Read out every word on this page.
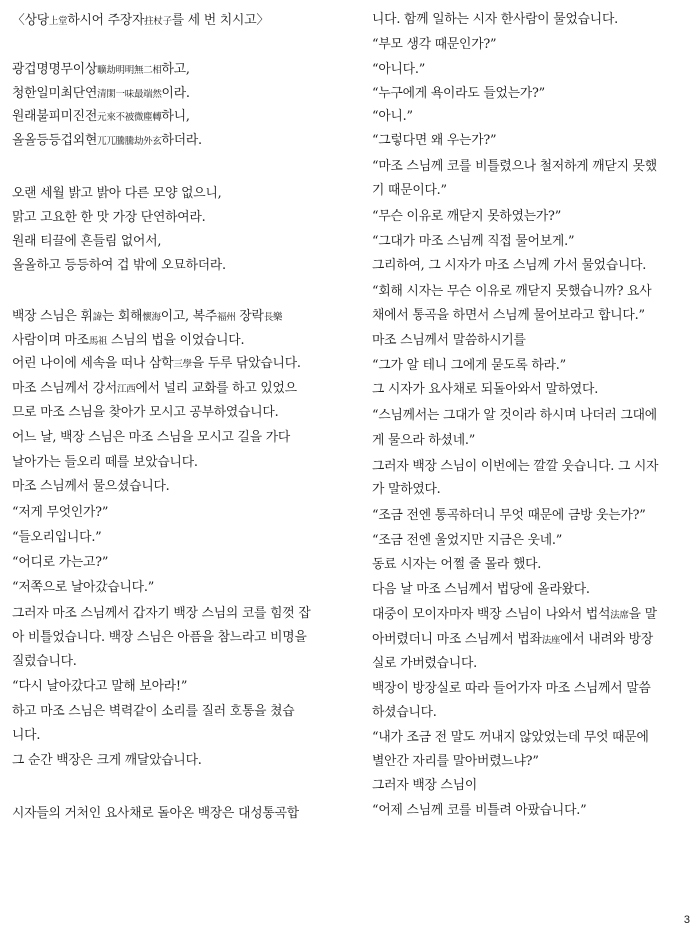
〈상당上堂하시어 주장자拄杖子를 세 번 치시고〉
광겁명명무이상曠劫明明無二相하고,
청한일미최단연清閑一味最端然이라.
원래불피미진전元來不被微塵轉하니,
올올등등겁외현兀兀騰騰劫外玄하더라.
오랜 세월 밝고 밝아 다른 모양 없으니,
맑고 고요한 한 맛 가장 단연하여라.
원래 티끌에 흔들림 없어서,
올올하고 등등하여 겁 밖에 오묘하더라.
백장 스님은 휘諱는 회해懷海이고, 복주福州 장락長樂
사람이며 마조馬祖 스님의 법을 이었습니다.
어린 나이에 세속을 떠나 삼학三學을 두루 닦았습니다.
마조 스님께서 강서江西에서 널리 교화를 하고 있었으
므로 마조 스님을 찾아가 모시고 공부하였습니다.
어느 날, 백장 스님은 마조 스님을 모시고 길을 가다
날아가는 들오리 떼를 보았습니다.
마조 스님께서 물으셨습니다.
“저게 무엇인가?”
“들오리입니다.”
“어디로 가는고?”
“저쪽으로 날아갔습니다.”
그러자 마조 스님께서 갑자기 백장 스님의 코를 힘껏 잡
아 비틀었습니다. 백장 스님은 아픔을 참느라고 비명을
질렀습니다.
“다시 날아갔다고 말해 보아라!”
하고 마조 스님은 벽력같이 소리를 질러 호통을 쳤습
니다.
그 순간 백장은 크게 깨달았습니다.
시자들의 거처인 요사채로 돌아온 백장은 대성통곡합
니다. 함께 일하는 시자 한사람이 물었습니다.
“부모 생각 때문인가?”
“아니다.”
“누구에게 욕이라도 들었는가?”
“아니.”
“그렇다면 왜 우는가?”
“마조 스님께 코를 비틀렸으나 철저하게 깨닫지 못했
기 때문이다.”
“무슨 이유로 깨닫지 못하였는가?”
“그대가 마조 스님께 직접 물어보게.”
그리하여, 그 시자가 마조 스님께 가서 물었습니다.
“회해 시자는 무슨 이유로 깨닫지 못했습니까? 요사
채에서 통곡을 하면서 스님께 물어보라고 합니다.”
마조 스님께서 말씀하시기를
“그가 알 테니 그에게 묻도록 하라.”
그 시자가 요사채로 되돌아와서 말하였다.
“스님께서는 그대가 알 것이라 하시며 나더러 그대에
게 물으라 하셨네.”
그러자 백장 스님이 이번에는 깔깔 웃습니다. 그 시자
가 말하였다.
“조금 전엔 통곡하더니 무엇 때문에 금방 웃는가?”
“조금 전엔 울었지만 지금은 웃네.”
동료 시자는 어쩔 줄 몰라 했다.
다음 날 마조 스님께서 법당에 올라왔다.
대중이 모이자마자 백장 스님이 나와서 법석法席을 말
아버렸더니 마조 스님께서 법좌法座에서 내려와 방장
실로 가버렸습니다.
백장이 방장실로 따라 들어가자 마조 스님께서 말씀
하셨습니다.
“내가 조금 전 말도 꺼내지 않았었는데 무엇 때문에
별안간 자리를 말아버렸느냐?”
그러자 백장 스님이
“어제 스님께 코를 비틀려 아팠습니다.”
3
